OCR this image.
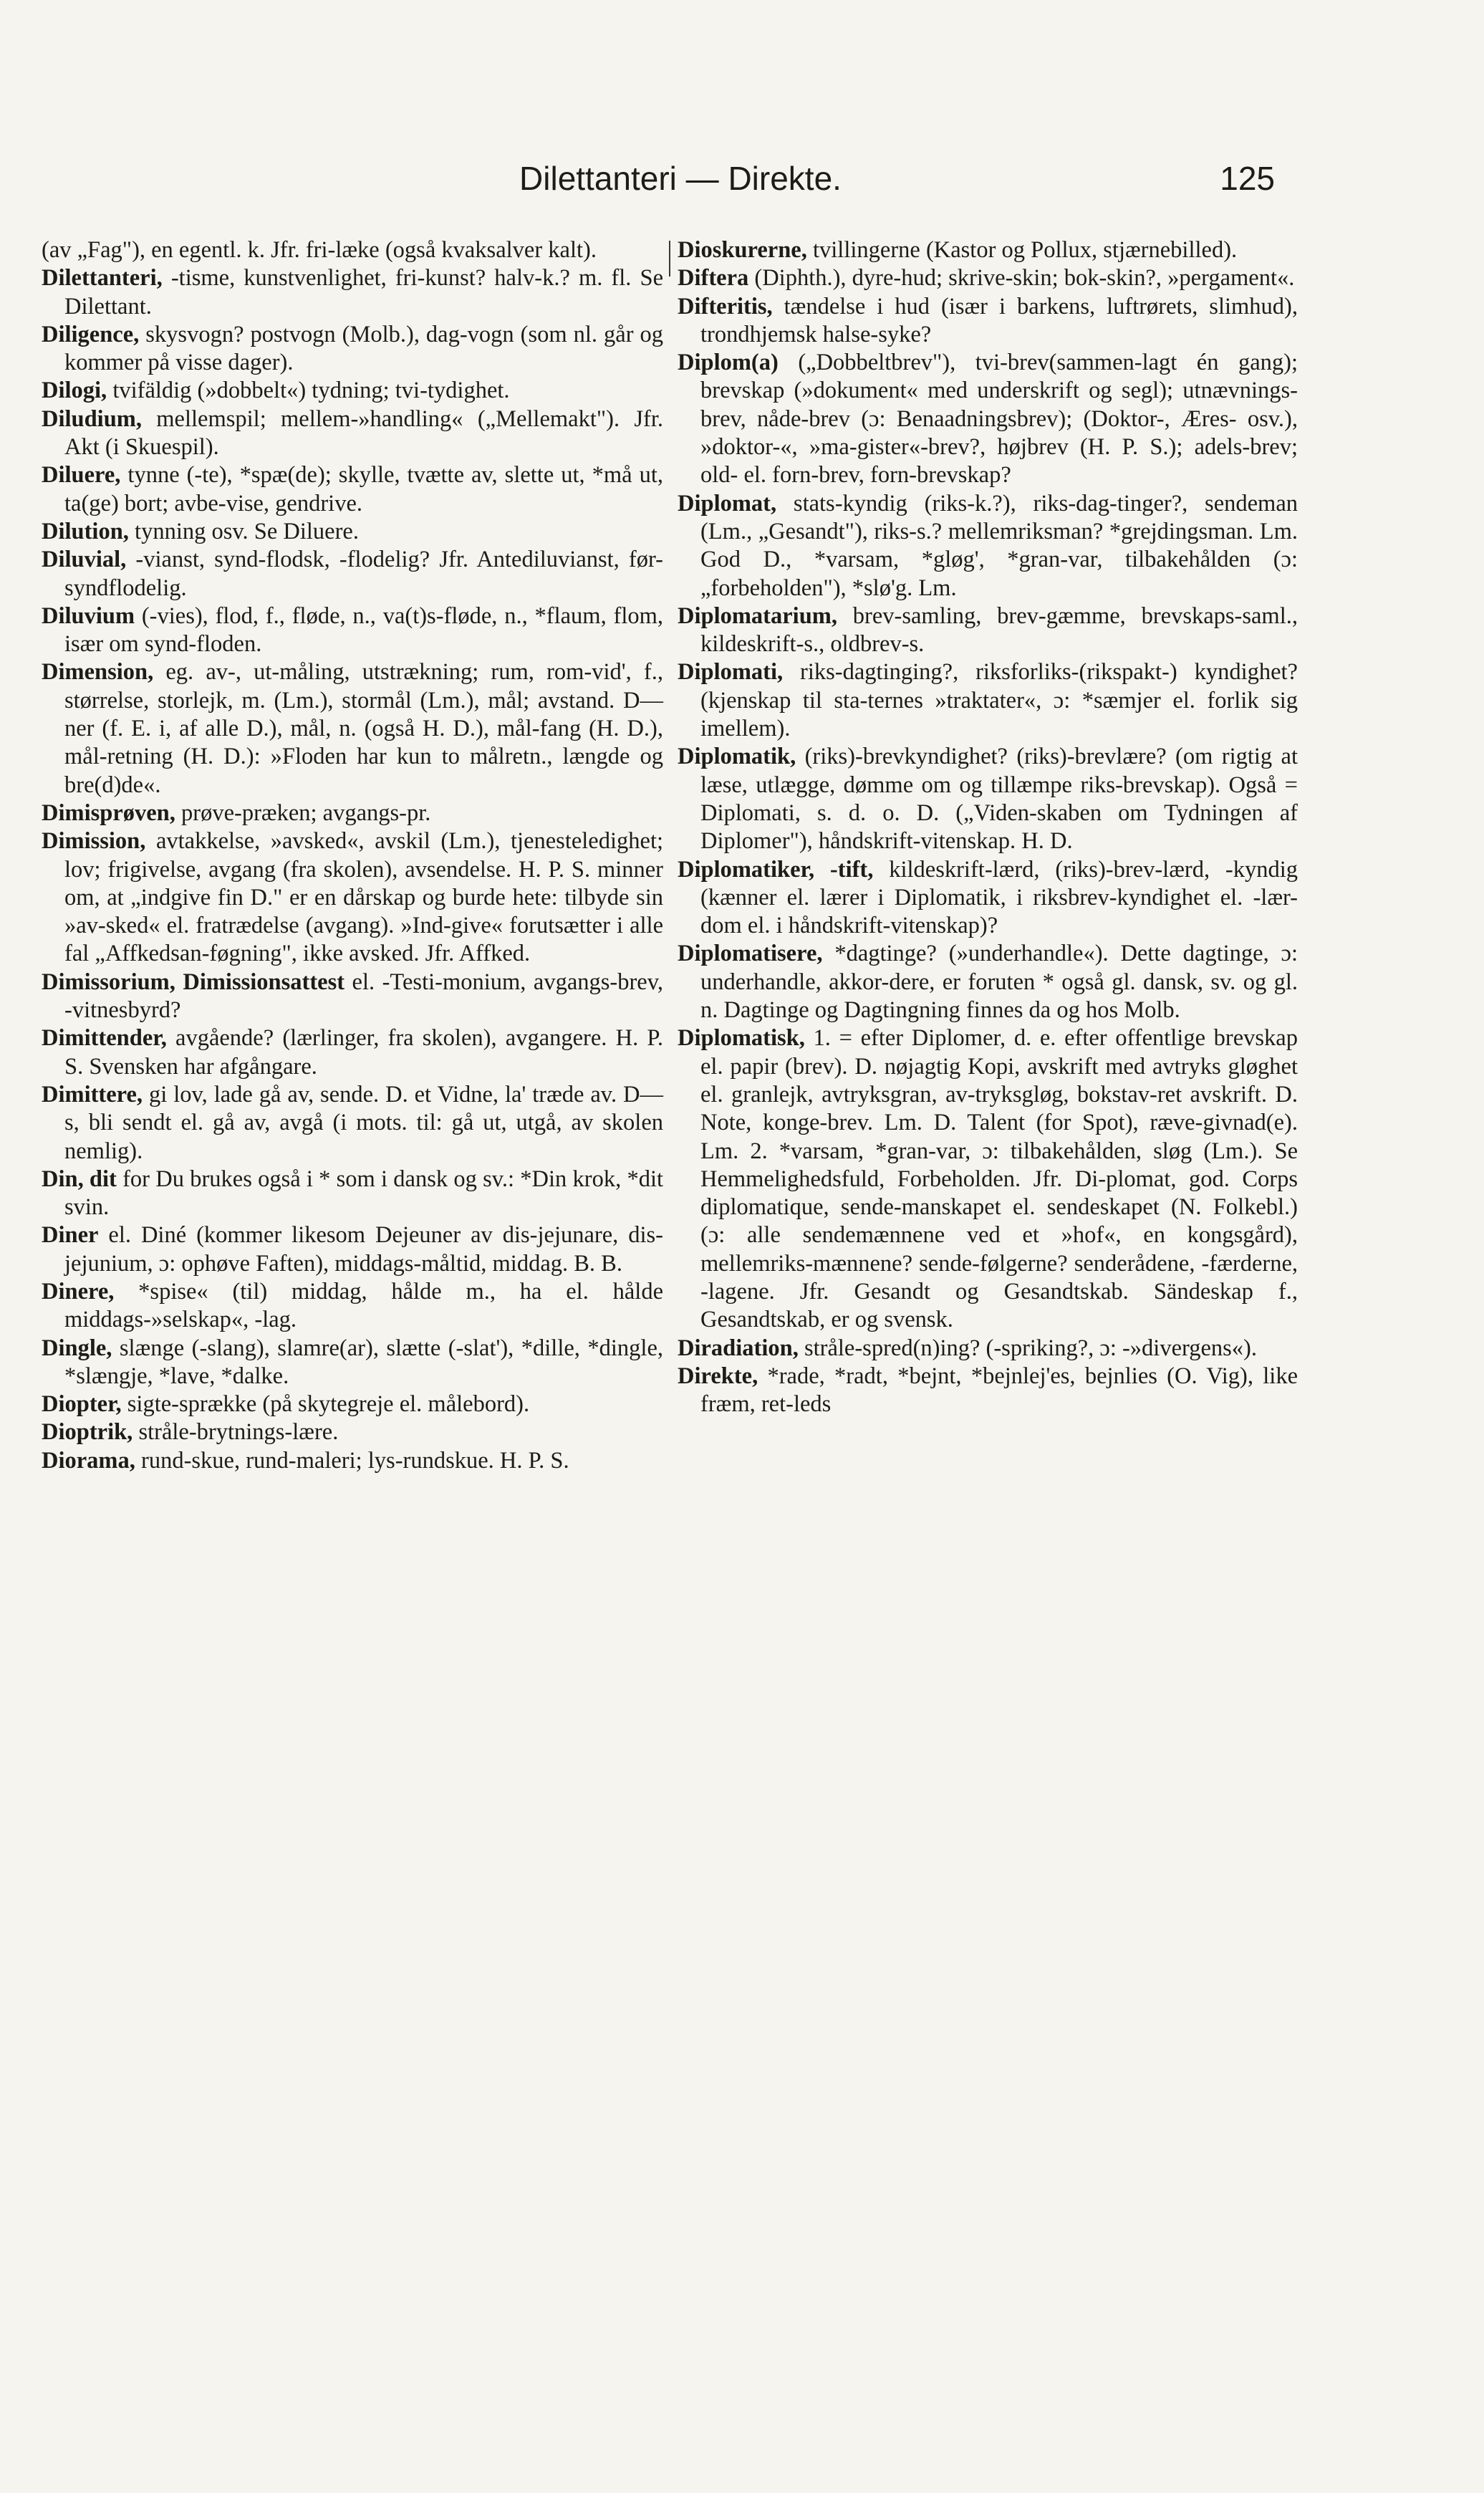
Dilettanteri — Direkte.	125

(av „Fag"), en egentl. k. Jfr. fri-læke (også kvaksalver kalt).

Dilettanteri, -tisme, kunstvenlighet, fri-kunst? halv-k.? m. fl. Se Dilettant.

Diligence, skysvogn? postvogn (Molb.), dag-vogn (som nl. går og kommer på visse dager).

Dilogi, tvifäldig (»dobbelt«) tydning; tvi-tydighet.

Diludium, mellemspil; mellem-»handling« („Mellemakt"). Jfr. Akt (i Skuespil).

Diluere, tynne (-te), *spæ(de); skylle, tvætte av, slette ut, *må ut, ta(ge) bort; avbe-vise, gendrive.

Dilution, tynning osv. Se Diluere.

Diluvial, -vianst, synd-flodsk, -flodelig? Jfr. Antediluvianst, før-syndflodelig.

Diluvium (-vies), flod, f., fløde, n., va(t)s-fløde, n., *flaum, flom, især om synd-floden.

Dimension, eg. av-, ut-måling, utstrækning; rum, rom-vid', f., størrelse, storlejk, m. (Lm.), stormål (Lm.), mål; avstand. D—ner (f. E. i, af alle D.), mål, n. (også H. D.), mål-fang (H. D.), mål-retning (H. D.): »Floden har kun to målretn., længde og bre(d)de«.

Dimisprøven, prøve-præken; avgangs-pr.

Dimission, avtakkelse, »avsked«, avskil (Lm.), tjenesteledighet; lov; frigivelse, avgang (fra skolen), avsendelse. H. P. S. minner om, at „indgive fin D." er en dårskap og burde hete: tilbyde sin »av-sked« el. fratrædelse (avgang). »Ind-give« forutsætter i alle fal „Affkedsan-føgning", ikke avsked. Jfr. Affked.

Dimissorium, Dimissionsattest el. -Testi-monium, avgangs-brev, -vitnesbyrd?

Dimittender, avgående? (lærlinger, fra skolen), avgangere. H. P. S. Svensken har afgångare.

Dimittere, gi lov, lade gå av, sende. D. et Vidne, la' træde av. D—s, bli sendt el. gå av, avgå (i mots. til: gå ut, utgå, av skolen nemlig).

Din, dit for Du brukes også i * som i dansk og sv.: *Din krok, *dit svin.

Diner el. Diné (kommer likesom Dejeuner av dis-jejunare, dis-jejunium, ɔ: ophøve Faften), middags-måltid, middag. B. B.

Dinere, *spise« (til) middag, hålde m., ha el. hålde middags-»selskap«, -lag.

Dingle, slænge (-slang), slamre(ar), slætte (-slat'), *dille, *dingle, *slængje, *lave, *dalke.

Diopter, sigte-sprække (på skytegreje el. målebord).

Dioptrik, stråle-brytnings-lære.

Diorama, rund-skue, rund-maleri; lys-rundskue. H. P. S.

Dioskurerne, tvillingerne (Kastor og Pollux, stjærnebilled).

Diftera (Diphth.), dyre-hud; skrive-skin; bok-skin?, »pergament«.

Difteritis, tændelse i hud (især i barkens, luftrørets, slimhud), trondhjemsk halse-syke?

Diplom(a) („Dobbeltbrev"), tvi-brev(sammen-lagt én gang); brevskap (»dokument« med underskrift og segl); utnævnings-brev, nåde-brev (ɔ: Benaadningsbrev); (Doktor-, Æres- osv.), »doktor-«, »ma-gister«-brev?, højbrev (H. P. S.); adels-brev; old- el. forn-brev, forn-brevskap?

Diplomat, stats-kyndig (riks-k.?), riks-dag-tinger?, sendeman (Lm., „Gesandt"), riks-s.? mellemriksman? *grejdingsman. Lm. God D., *varsam, *gløg', *gran-var, tilbakehålden (ɔ: „forbeholden"), *slø'g. Lm.

Diplomatarium, brev-samling, brev-gæmme, brevskaps-saml., kildeskrift-s., oldbrev-s.

Diplomati, riks-dagtinging?, riksforliks-(rikspakt-) kyndighet? (kjenskap til sta-ternes »traktater«, ɔ: *sæmjer el. forlik sig imellem).

Diplomatik, (riks)-brevkyndighet? (riks)-brevlære? (om rigtig at læse, utlægge, dømme om og tillæmpe riks-brevskap). Også = Diplomati, s. d. o. D. („Viden-skaben om Tydningen af Diplomer"), håndskrift-vitenskap. H. D.

Diplomatiker, -tift, kildeskrift-lærd, (riks)-brev-lærd, -kyndig (kænner el. lærer i Diplomatik, i riksbrev-kyndighet el. -lær-dom el. i håndskrift-vitenskap)?

Diplomatisere, *dagtinge? (»underhandle«). Dette dagtinge, ɔ: underhandle, akkor-dere, er foruten * også gl. dansk, sv. og gl. n. Dagtinge og Dagtingning finnes da og hos Molb.

Diplomatisk, 1. = efter Diplomer, d. e. efter offentlige brevskap el. papir (brev). D. nøjagtig Kopi, avskrift med avtryks gløghet el. granlejk, avtryksgran, av-tryksgløg, bokstav-ret avskrift. D. Note, konge-brev. Lm. D. Talent (for Spot), ræve-givnad(e). Lm. 2. *varsam, *gran-var, ɔ: tilbakehålden, sløg (Lm.). Se Hemmelighedsfuld, Forbeholden. Jfr. Di-plomat, god. Corps diplomatique, sende-manskapet el. sendeskapet (N. Folkebl.) (ɔ: alle sendemænnene ved et »hof«, en kongsgård), mellemriks-mænnene? sende-følgerne? senderådene, -færderne, -lagene. Jfr. Gesandt og Gesandtskab. Sändeskap f., Gesandtskab, er og svensk.

Diradiation, stråle-spred(n)ing? (-spriking?, ɔ: -»divergens«).

Direkte, *rade, *radt, *bejnt, *bejnlej'es, bejnlies (O. Vig), like fræm, ret-leds
